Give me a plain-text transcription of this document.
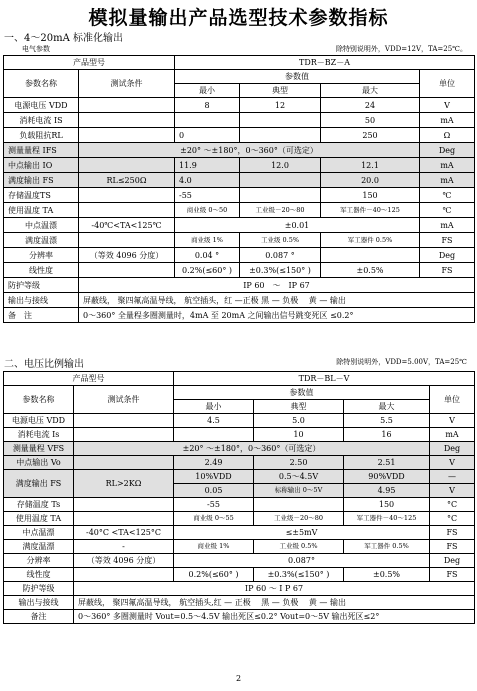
模拟量输出产品选型技术参数指标
一、4～20mA 标准化输出
电气参数	除特别说明外，VDD=12V，TA=25℃。
产品型号		TDR－BZ－A			
参数名称	测试条件	参数值			单位
		最小	典型	最大	
电源电压 VDD		8	12	24	V
消耗电流 IS				50	mA
负载阻抗RL		0		250	Ω
测量量程 IFS	±20° ～±180°，0～360°（可选定）				Deg
中点输出 IO		11.9	12.0	12.1	mA
满度输出 FS	RL≤250Ω	4.0		20.0	mA
存储温度TS		-55		150	℃
使用温度 TA		商业级 0～50	工业级－20～80	军工器件－40～125	℃
中点温漂	-40℃<TA<125℃	±0.01			mA
满度温漂		商业级 1%	工业级 0.5%	军工器件 0.5%	FS
分辨率	（等效 4096 分度）	0.04 °	0.087 °		Deg
线性度		0.2%(≤60° )	±0.3%(≤150° )	±0.5%	FS
防护等级	IP 60　～　IP 67				
输出与接线	屏蔽线， 聚四氟高温导线， 航空插头，红 —正极 黑 — 负极　 黄 — 输出				
备　注	0～360° 全量程多圈测量时，4mA 至 20mA 之间输出信号跳变死区 ≤0.2°				
二、电压比例输出	除特别说明外，VDD=5.00V，TA=25℃
产品型号		TDR－BL－V			
参数名称	测试条件	参数值			单位
		最小	典型	最大	
电源电压 VDD		4.5	5.0	5.5	V
消耗电流 Is			10	16	mA
测量量程 VFS	±20° ～±180°，0～360°（可选定）				Deg
中点输出 Vo		2.49	2.50	2.51	V
满度输出 FS	RL>2KΩ	10%VDD	0.5～4.5V	90%VDD	—
		0.05	标称输出 0～5V	4.95	V
存储温度 Ts		-55		150	°C
使用温度 TA		商业级 0～55	工业级－20～80	军工器件－40～125	°C
中点温漂	-40°C <TA<125°C	≤±5mV			FS
满度温漂	-	商业级 1%	工业级 0.5%	军工器件 0.5%	FS
分辨率	（等效 4096 分度）	0.087°			Deg
线性度		0.2%(≤60° )	±0.3%(≤150° )	±0.5%	FS
防护等级	IP 60 ～ I P 67				
输出与接线	屏蔽线， 聚四氟高温导线， 航空插头,红 — 正极　 黑 — 负极　 黄 — 输出				
备注	0～360° 多圈测量时 Vout=0.5～4.5V 输出死区≤0.2° Vout=0～5V 输出死区≤2°				
2
